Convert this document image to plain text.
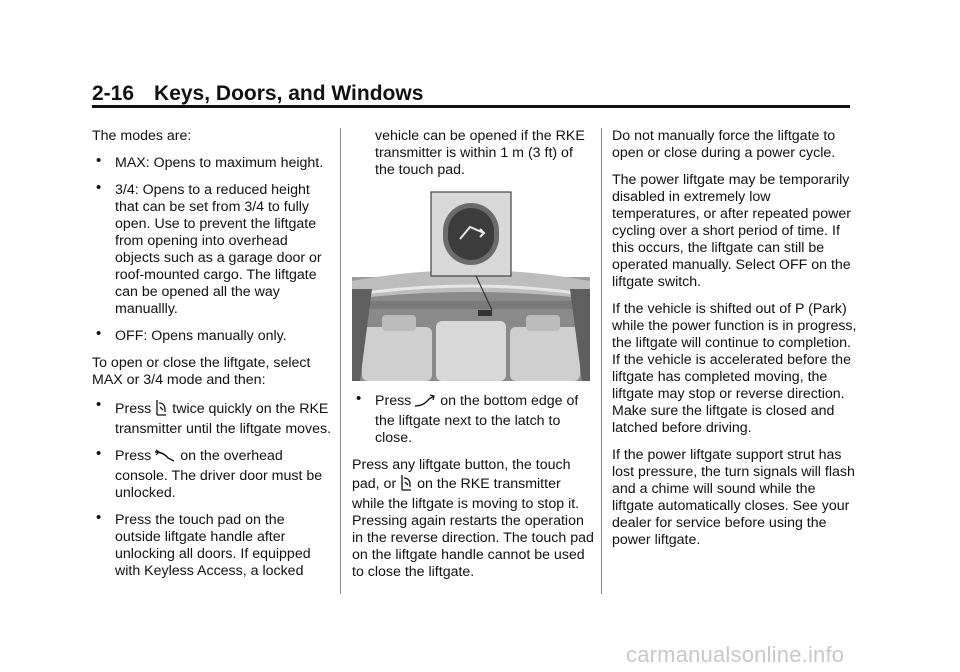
2-16 Keys, Doors, and Windows

The modes are:

• MAX: Opens to maximum height.
• 3/4: Opens to a reduced height that can be set from 3/4 to fully open. Use to prevent the liftgate from opening into overhead objects such as a garage door or roof-mounted cargo. The liftgate can be opened all the way manuallly.
• OFF: Opens manually only.

To open or close the liftgate, select MAX or 3/4 mode and then:

• Press twice quickly on the RKE transmitter until the liftgate moves.
• Press on the overhead console. The driver door must be unlocked.
• Press the touch pad on the outside liftgate handle after unlocking all doors. If equipped with Keyless Access, a locked
vehicle can be opened if the RKE transmitter is within 1 m (3 ft) of the touch pad.
• Press on the bottom edge of the liftgate next to the latch to close.

Press any liftgate button, the touch pad, or on the RKE transmitter while the liftgate is moving to stop it. Pressing again restarts the operation in the reverse direction. The touch pad on the liftgate handle cannot be used to close the liftgate.

Do not manually force the liftgate to open or close during a power cycle.

The power liftgate may be temporarily disabled in extremely low temperatures, or after repeated power cycling over a short period of time. If this occurs, the liftgate can still be operated manually. Select OFF on the liftgate switch.

If the vehicle is shifted out of P (Park) while the power function is in progress, the liftgate will continue to completion. If the vehicle is accelerated before the liftgate has completed moving, the liftgate may stop or reverse direction. Make sure the liftgate is closed and latched before driving.

If the power liftgate support strut has lost pressure, the turn signals will flash and a chime will sound while the liftgate automatically closes. See your dealer for service before using the power liftgate.

carmanualsonline.info
